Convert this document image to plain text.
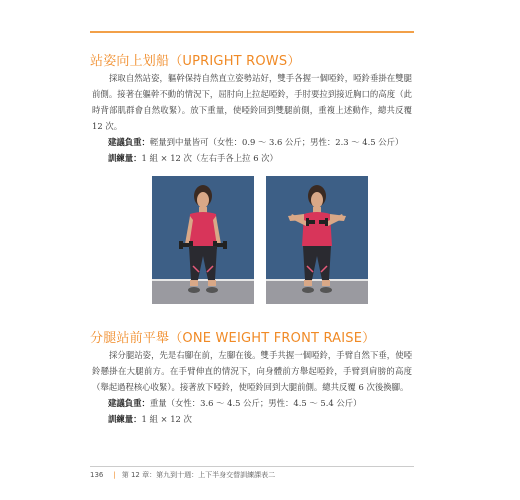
站姿向上划船（UPRIGHT ROWS）

採取自然站姿，軀幹保持自然直立姿勢站好，雙手各握一個啞鈴，啞鈴垂掛在雙腿前側。接著在軀幹不動的情況下，屈肘向上拉起啞鈴，手肘要拉到接近胸口的高度（此時背部肌群會自然收緊）。放下重量，使啞鈴回到雙腿前側，重複上述動作，總共反覆 12 次。

建議負重：輕量到中量皆可（女性：0.9 ～ 3.6 公斤；男性：2.3 ～ 4.5 公斤）
訓練量：1 組 × 12 次（左右手各上拉 6 次）
分腿站前平舉（ONE WEIGHT FRONT RAISE）

採分腿站姿，先是右腳在前，左腳在後。雙手共握一個啞鈴，手臂自然下垂，使啞鈴懸掛在大腿前方。在手臂伸直的情況下，向身體前方舉起啞鈴，手臂到肩膀的高度（舉起過程核心收緊）。接著放下啞鈴，使啞鈴回到大腿前側。總共反覆 6 次後換腳。

建議負重：重量（女性：3.6 ～ 4.5 公斤；男性：4.5 ～ 5.4 公斤）
訓練量：1 組 × 12 次
136 | 第 12 章：第九到十週：上下半身交替訓練課表二
